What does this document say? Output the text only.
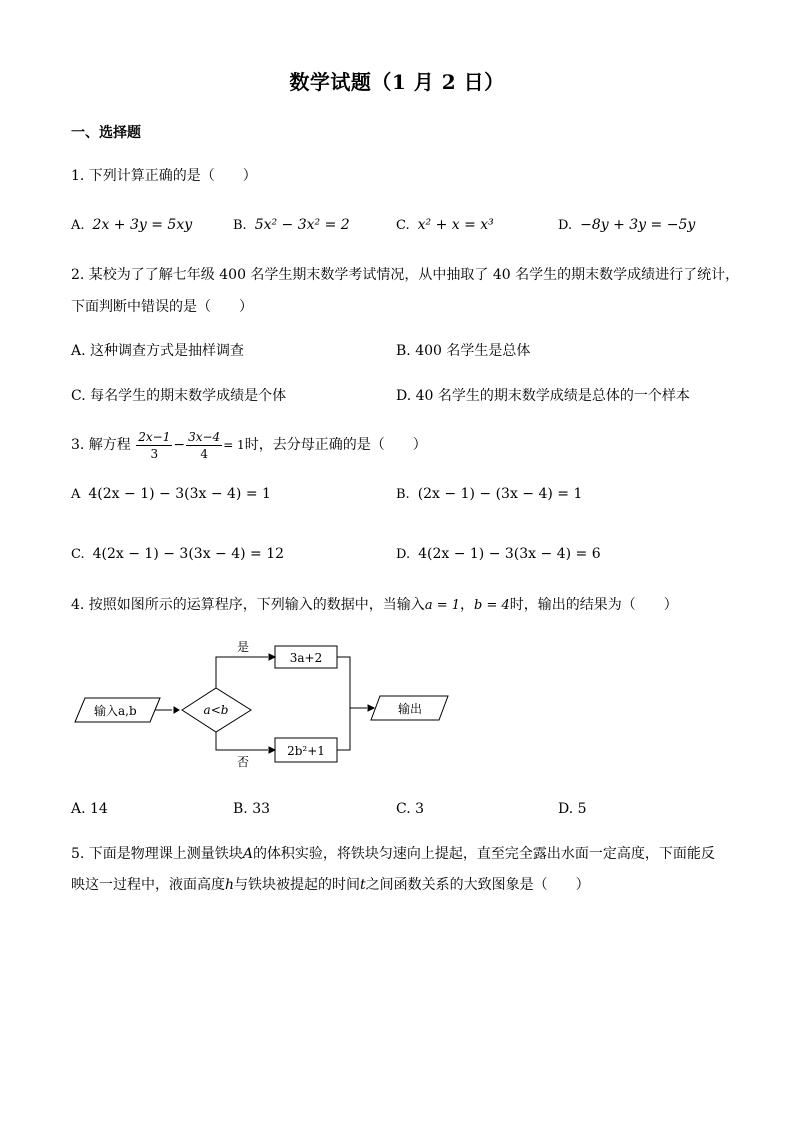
数学试题（1 月 2 日）
一、选择题
1. 下列计算正确的是（　　）
A. 2x + 3y = 5xy	B. 5x² − 3x² = 2	C. x² + x = x³	D. −8y + 3y = −5y
2. 某校为了了解七年级 400 名学生期末数学考试情况，从中抽取了 40 名学生的期末数学成绩进行了统计，
下面判断中错误的是（　　）
A. 这种调查方式是抽样调查	B. 400 名学生是总体
C. 每名学生的期末数学成绩是个体	D. 40 名学生的期末数学成绩是总体的一个样本
3. 解方程 $\frac{2x-1}{3} - \frac{3x-4}{4} = 1$时，去分母正确的是（　　）
A 4(2x − 1) − 3(3x − 4) = 1	B. (2x − 1) − (3x − 4) = 1
C. 4(2x − 1) − 3(3x − 4) = 12	D. 4(2x − 1) − 3(3x − 4) = 6
4. 按照如图所示的运算程序，下列输入的数据中，当输入a = 1，b = 4时，输出的结果为（　　）
输入a,b	a<b
是
否
3a+2
2b²+1
输出
A. 14	B. 33	C. 3	D. 5
5. 下面是物理课上测量铁块A的体积实验，将铁块匀速向上提起，直至完全露出水面一定高度，下面能反
映这一过程中，液面高度h与铁块被提起的时间t之间函数关系的大致图象是（　　）
